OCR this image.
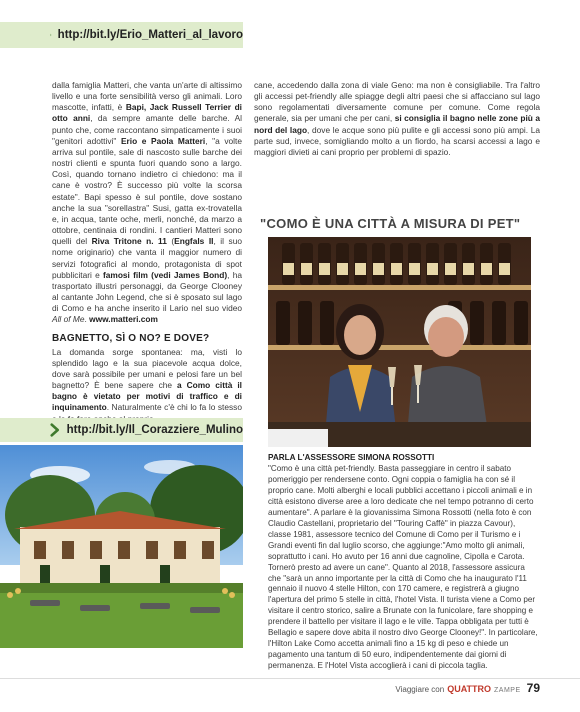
http://bit.ly/Erio_Matteri_al_lavoro

dalla famiglia Matteri, che vanta un'arte di altissimo livello e una forte sensibilità verso gli animali. Loro mascotte, infatti, è Bapi, Jack Russell Terrier di otto anni, da sempre amante delle barche. Al punto che, come raccontano simpaticamente i suoi "genitori adottivi" Erio e Paola Matteri, "a volte arriva sul pontile, sale di nascosto sulle barche dei nostri clienti e spunta fuori quando sono a largo. Così, quando tornano indietro ci chiedono: ma il cane è vostro? È successo più volte la scorsa estate". Bapi spesso è sul pontile, dove sostano anche la sua "sorellastra" Susi, gatta ex-trovatella e, in acqua, tante oche, merli, nonché, da marzo a ottobre, centinaia di rondini. I cantieri Matteri sono quelli del Riva Tritone n. 11 (Engfals II, il suo nome originario) che vanta il maggior numero di servizi fotografici al mondo, protagonista di spot pubblicitari e famosi film (vedi James Bond), ha trasportato illustri personaggi, da George Clooney al cantante John Legend, che si è sposato sul lago di Como e ha anche inserito il Lario nel suo video All of Me. www.matteri.com

BAGNETTO, SÌ O NO? E DOVE?

La domanda sorge spontanea: ma, visti lo splendido lago e la sua piacevole acqua dolce, dove sarà possibile per umani e pelosi fare un bel bagnetto? È bene sapere che a Como città il bagno è vietato per motivi di traffico e di inquinamento. Naturalmente c'è chi lo fa lo stesso

cane, accedendo dalla zona di viale Geno: ma non è consigliabile. Tra l'altro gli accessi pet-friendly alle spiagge degli altri paesi che si affacciano sul lago sono regolamentati diversamente comune per comune. Come regola generale, sia per umani che per cani, si consiglia il bagno nelle zone più a nord del lago, dove le acque sono più pulite e gli accessi sono più ampi. La parte sud, invece, somigliando molto a un fiordo, ha scarsi accessi a lago e maggiori divieti ai cani proprio per problemi di spazio.

"COMO È UNA CITTÀ A MISURA DI PET"
http://bit.ly/Il_Corazziere_Mulino
PARLA L'ASSESSORE SIMONA ROSSOTTI

"Como è una città pet-friendly. Basta passeggiare in centro il sabato pomeriggio per rendersene conto. Ogni coppia o famiglia ha con sé il proprio cane. Molti alberghi e locali pubblici accettano i piccoli animali e in città esistono diverse aree a loro dedicate che nel tempo potranno di certo aumentare". A parlare è la giovanissima Simona Rossotti (nella foto è con Claudio Castellani, proprietario del "Touring Caffè" in piazza Cavour), classe 1981, assessore tecnico del Comune di Como per il Turismo e i Grandi eventi fin dal luglio scorso, che aggiunge:"Amo molto gli animali, soprattutto i cani. Ho avuto per 16 anni due cagnoline, Cipolla e Carota. Tornerò presto ad avere un cane". Quanto al 2018, l'assessore assicura che "sarà un anno importante per la città di Como che ha inaugurato l'11 gennaio il nuovo 4 stelle Hilton, con 170 camere, e registrerà a giugno l'apertura del primo 5 stelle in città, l'hotel Vista. Il turista viene a Como per visitare il centro storico, salire a Brunate con la funicolare, fare shopping e prendere il battello per visitare il lago e le ville. Tappa obbligata per tutti è Bellagio e sapere dove abita il nostro divo George Clooney!". In particolare, l'Hilton Lake Como accetta animali fino a 15 kg di peso e chiede un pagamento una tantum di 50 euro, indipendentemente dai giorni di permanenza. E l'Hotel Vista accoglierà i cani di piccola taglia.

Viaggiare con QUATTRO ZAMPE 79
